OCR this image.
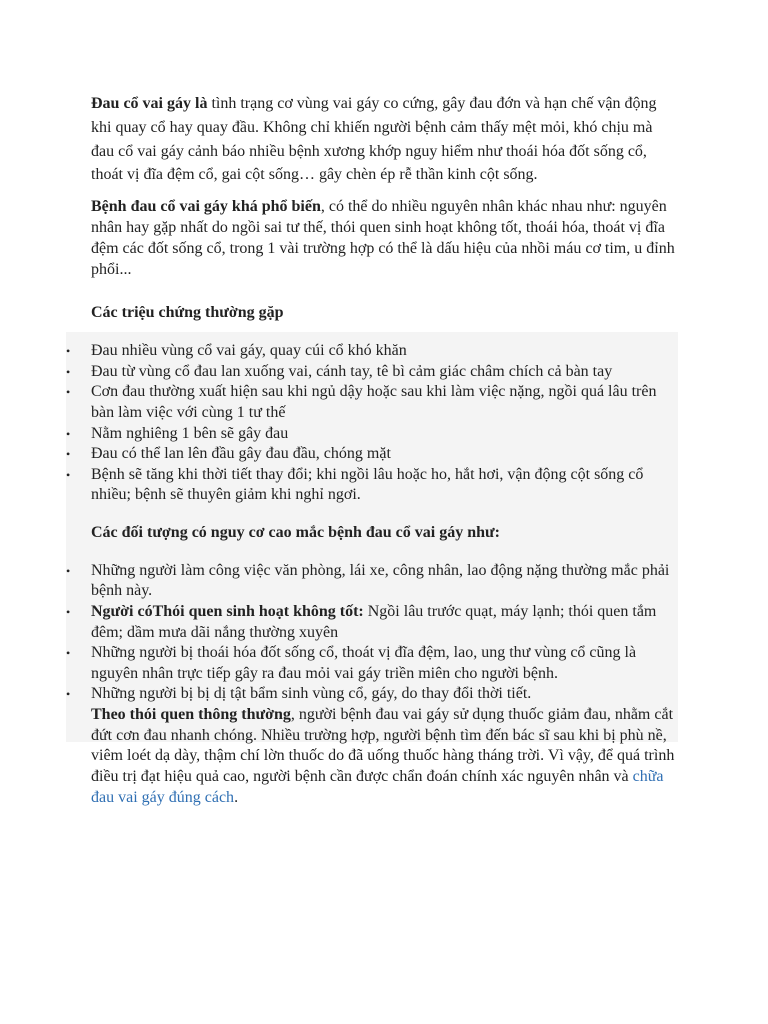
Đau cổ vai gáy là tình trạng cơ vùng vai gáy co cứng, gây đau đớn và hạn chế vận động khi quay cổ hay quay đầu. Không chỉ khiến người bệnh cảm thấy mệt mỏi, khó chịu mà đau cổ vai gáy cảnh báo nhiều bệnh xương khớp nguy hiểm như thoái hóa đốt sống cổ, thoát vị đĩa đệm cổ, gai cột sống… gây chèn ép rễ thần kinh cột sống.

Bệnh đau cổ vai gáy khá phổ biến, có thể do nhiều nguyên nhân khác nhau như: nguyên nhân hay gặp nhất do ngồi sai tư thế, thói quen sinh hoạt không tốt, thoái hóa, thoát vị đĩa đệm các đốt sống cổ, trong 1 vài trường hợp có thể là dấu hiệu của nhồi máu cơ tim, u đỉnh phổi...

Các triệu chứng thường gặp

• Đau nhiều vùng cổ vai gáy, quay cúi cổ khó khăn
• Đau từ vùng cổ đau lan xuống vai, cánh tay, tê bì cảm giác châm chích cả bàn tay
• Cơn đau thường xuất hiện sau khi ngủ dậy hoặc sau khi làm việc nặng, ngồi quá lâu trên bàn làm việc với cùng 1 tư thế
• Nằm nghiêng 1 bên sẽ gây đau
• Đau có thể lan lên đầu gây đau đầu, chóng mặt
• Bệnh sẽ tăng khi thời tiết thay đổi; khi ngồi lâu hoặc ho, hắt hơi, vận động cột sống cổ nhiều; bệnh sẽ thuyên giảm khi nghỉ ngơi.

Các đối tượng có nguy cơ cao mắc bệnh đau cổ vai gáy như:

• Những người làm công việc văn phòng, lái xe, công nhân, lao động nặng thường mắc phải bệnh này.
• Người cóThói quen sinh hoạt không tốt: Ngồi lâu trước quạt, máy lạnh; thói quen tắm đêm; dầm mưa dãi nắng thường xuyên
• Những người bị thoái hóa đốt sống cổ, thoát vị đĩa đệm, lao, ung thư vùng cổ cũng là nguyên nhân trực tiếp gây ra đau mỏi vai gáy triền miên cho người bệnh.
• Những người bị bị dị tật bẩm sinh vùng cổ, gáy, do thay đổi thời tiết.

Theo thói quen thông thường, người bệnh đau vai gáy sử dụng thuốc giảm đau, nhằm cắt đứt cơn đau nhanh chóng. Nhiều trường hợp, người bệnh tìm đến bác sĩ sau khi bị phù nề, viêm loét dạ dày, thậm chí lờn thuốc do đã uống thuốc hàng tháng trời. Vì vậy, để quá trình điều trị đạt hiệu quả cao, người bệnh cần được chẩn đoán chính xác nguyên nhân và chữa đau vai gáy đúng cách.
